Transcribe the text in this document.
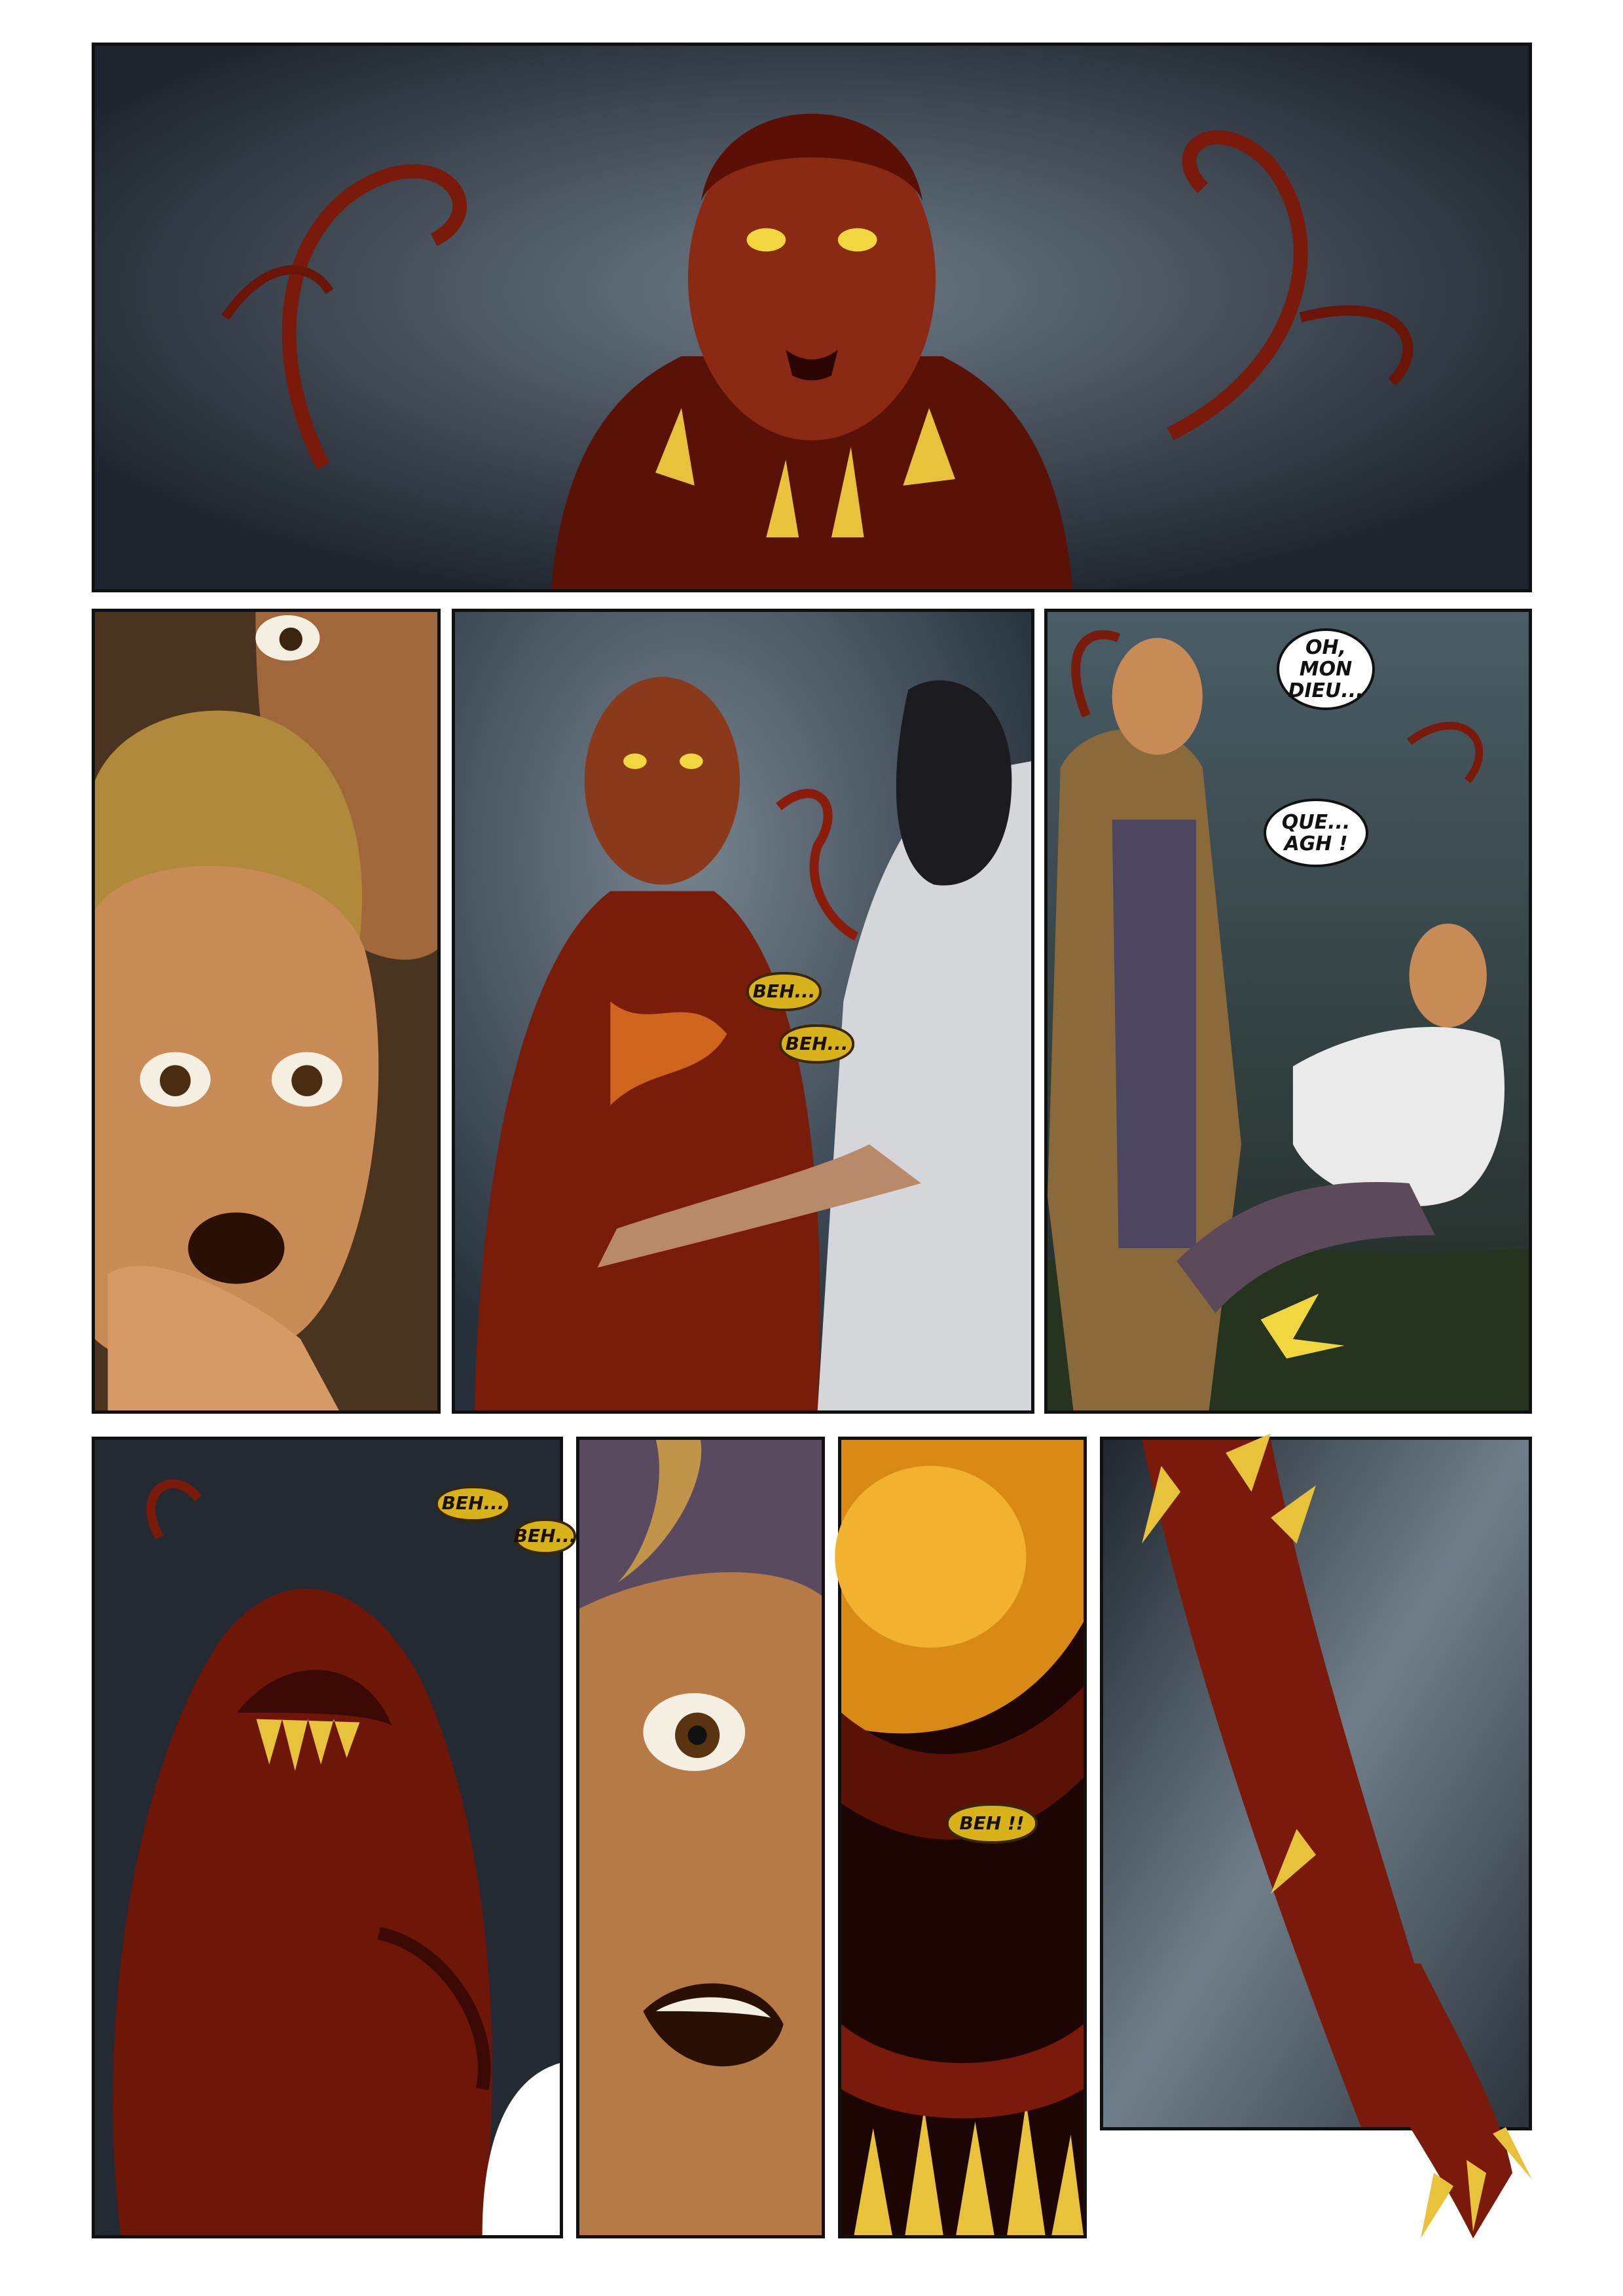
BEH...
BEH...
OH,
MON
DIEU...
QUE...
AGH !
BEH...
BEH...
BEH !!
